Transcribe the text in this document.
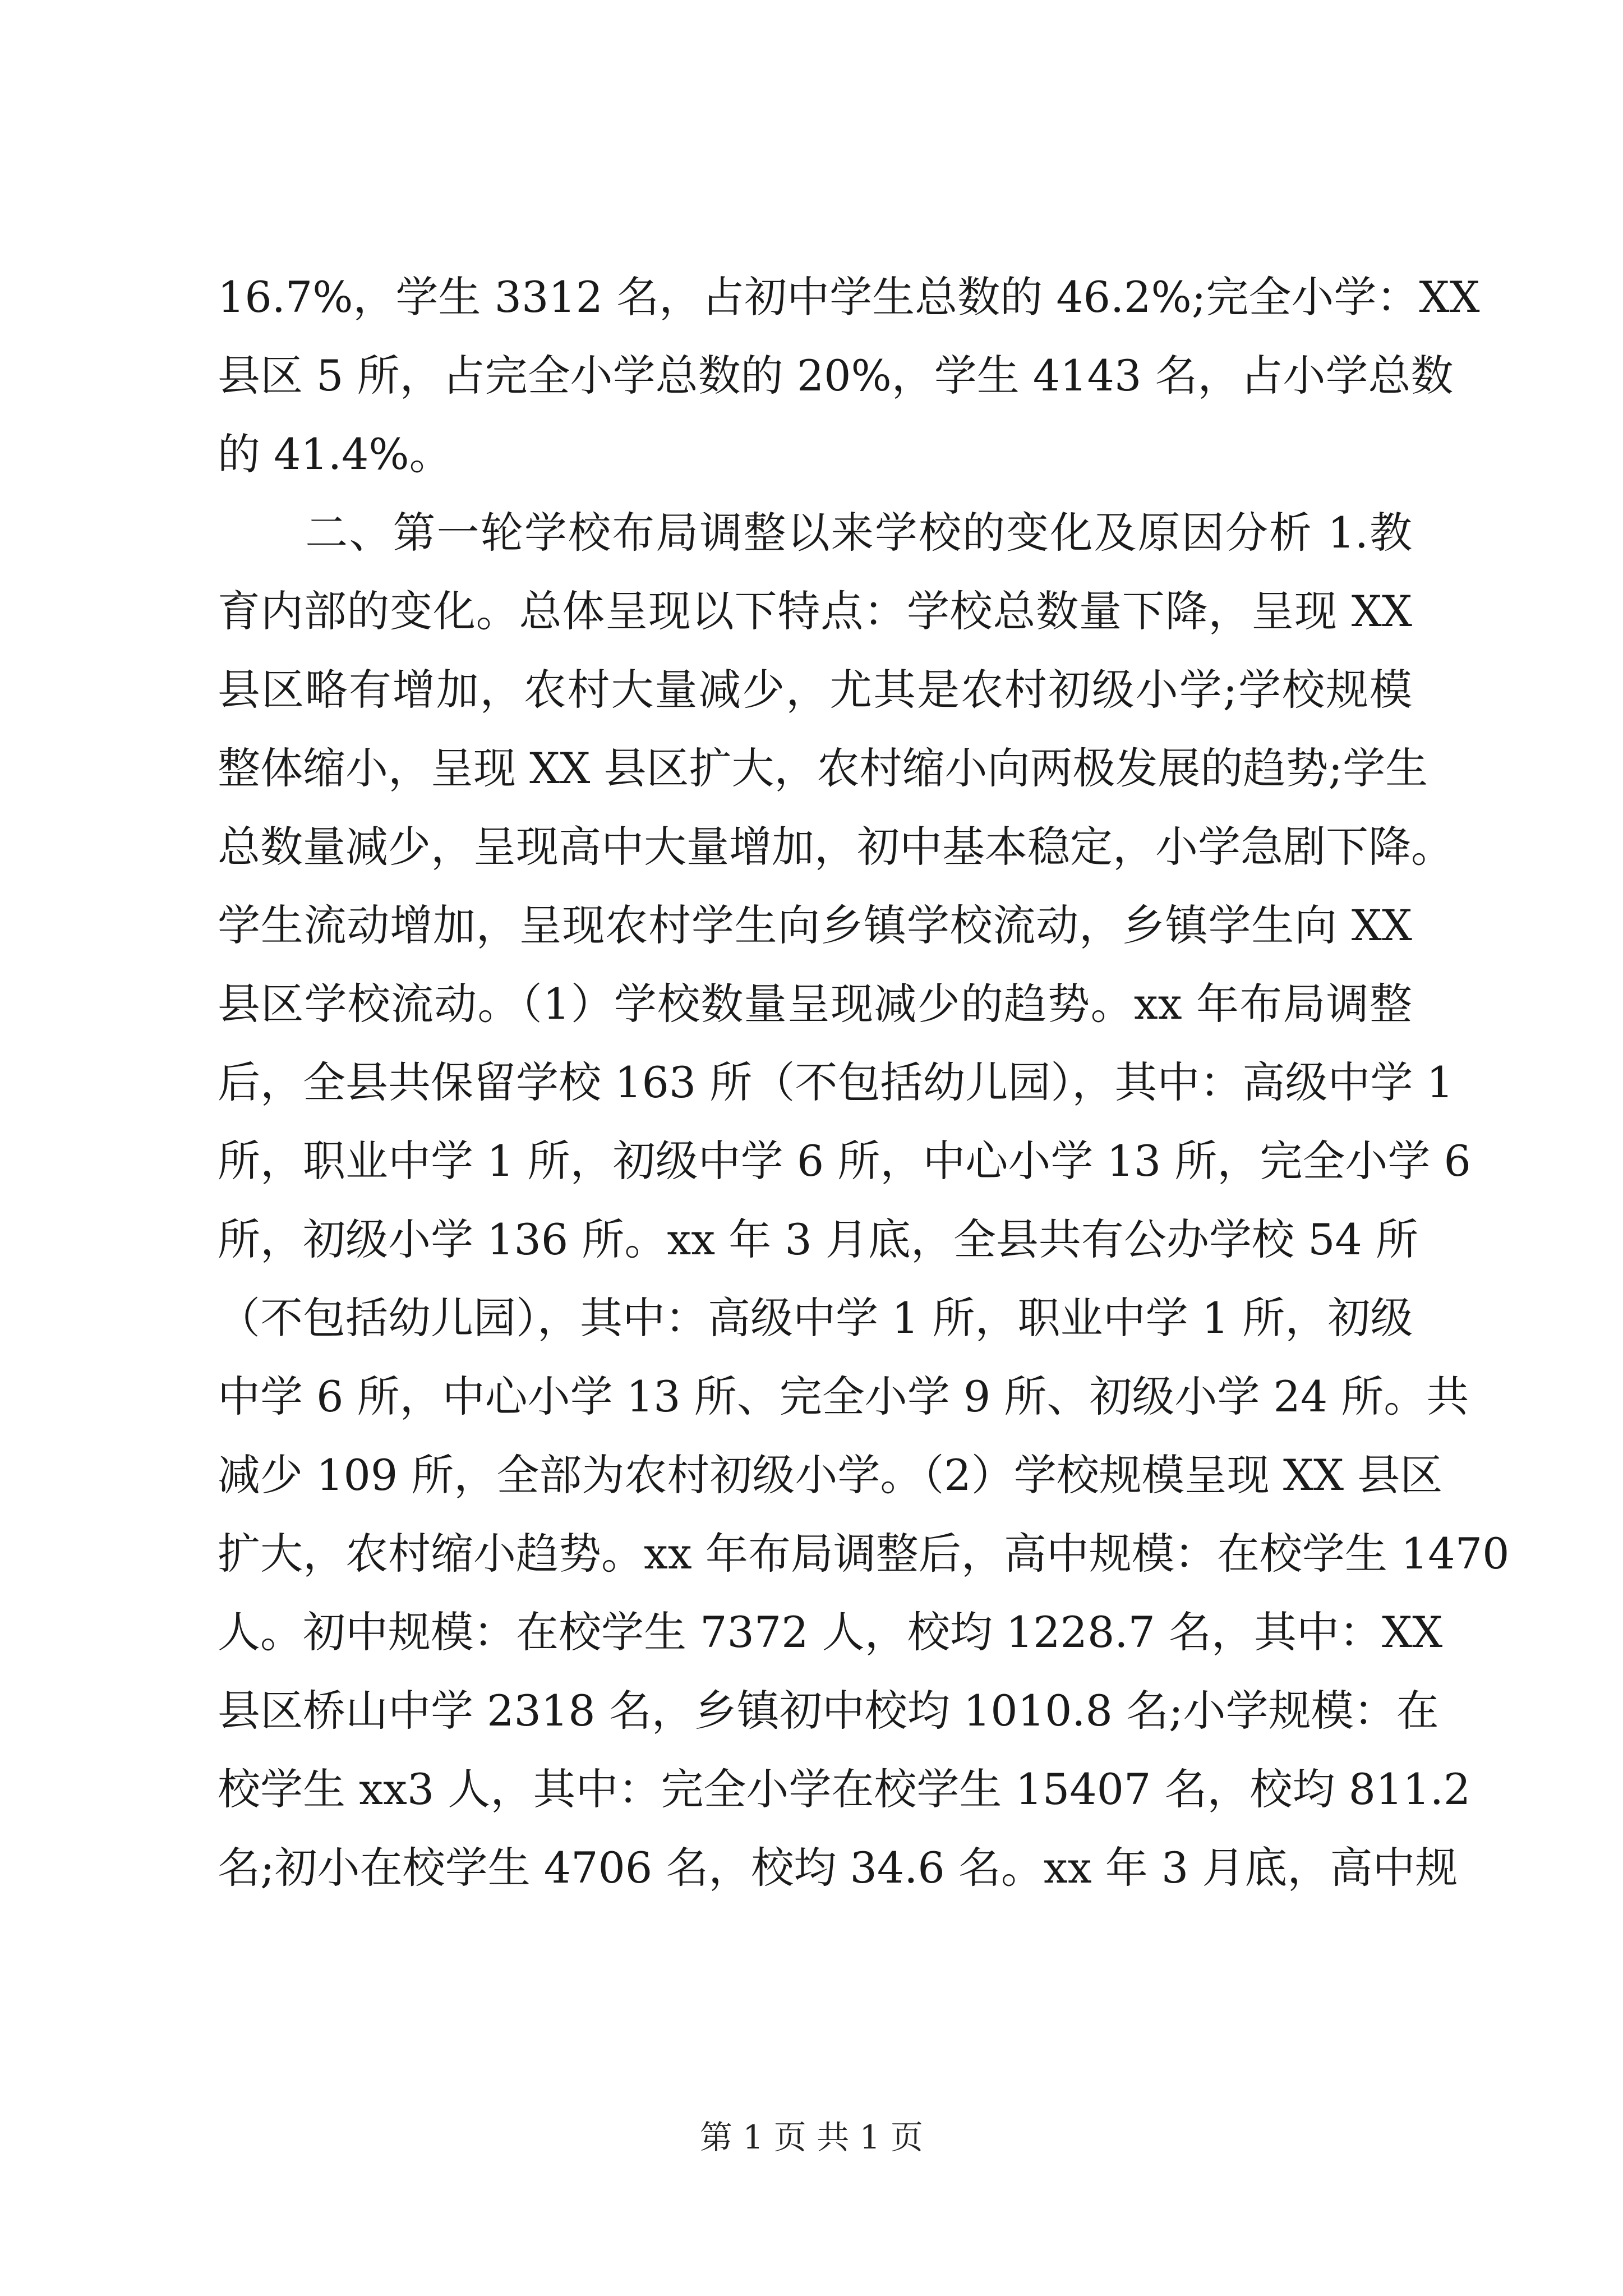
16.7%，学生 3312 名，占初中学生总数的 46.2%;完全小学：XX
县区 5 所，占完全小学总数的 20%，学生 4143 名，占小学总数
的 41.4%。
　　二、第一轮学校布局调整以来学校的变化及原因分析 1.教
育内部的变化。总体呈现以下特点：学校总数量下降，呈现 XX
县区略有增加，农村大量减少，尤其是农村初级小学;学校规模
整体缩小，呈现 XX 县区扩大，农村缩小向两极发展的趋势;学生
总数量减少，呈现高中大量增加，初中基本稳定，小学急剧下降。
学生流动增加，呈现农村学生向乡镇学校流动，乡镇学生向 XX
县区学校流动。（1）学校数量呈现减少的趋势。xx 年布局调整
后，全县共保留学校 163 所（不包括幼儿园），其中：高级中学 1
所，职业中学 1 所，初级中学 6 所，中心小学 13 所，完全小学 6
所，初级小学 136 所。xx 年 3 月底，全县共有公办学校 54 所
（不包括幼儿园），其中：高级中学 1 所，职业中学 1 所，初级
中学 6 所，中心小学 13 所、完全小学 9 所、初级小学 24 所。共
减少 109 所，全部为农村初级小学。（2）学校规模呈现 XX 县区
扩大，农村缩小趋势。xx 年布局调整后，高中规模：在校学生 1470
人。初中规模：在校学生 7372 人，校均 1228.7 名，其中：XX
县区桥山中学 2318 名，乡镇初中校均 1010.8 名;小学规模：在
校学生 xx3 人，其中：完全小学在校学生 15407 名，校均 811.2
名;初小在校学生 4706 名，校均 34.6 名。xx 年 3 月底，高中规
第 1 页 共 1 页
